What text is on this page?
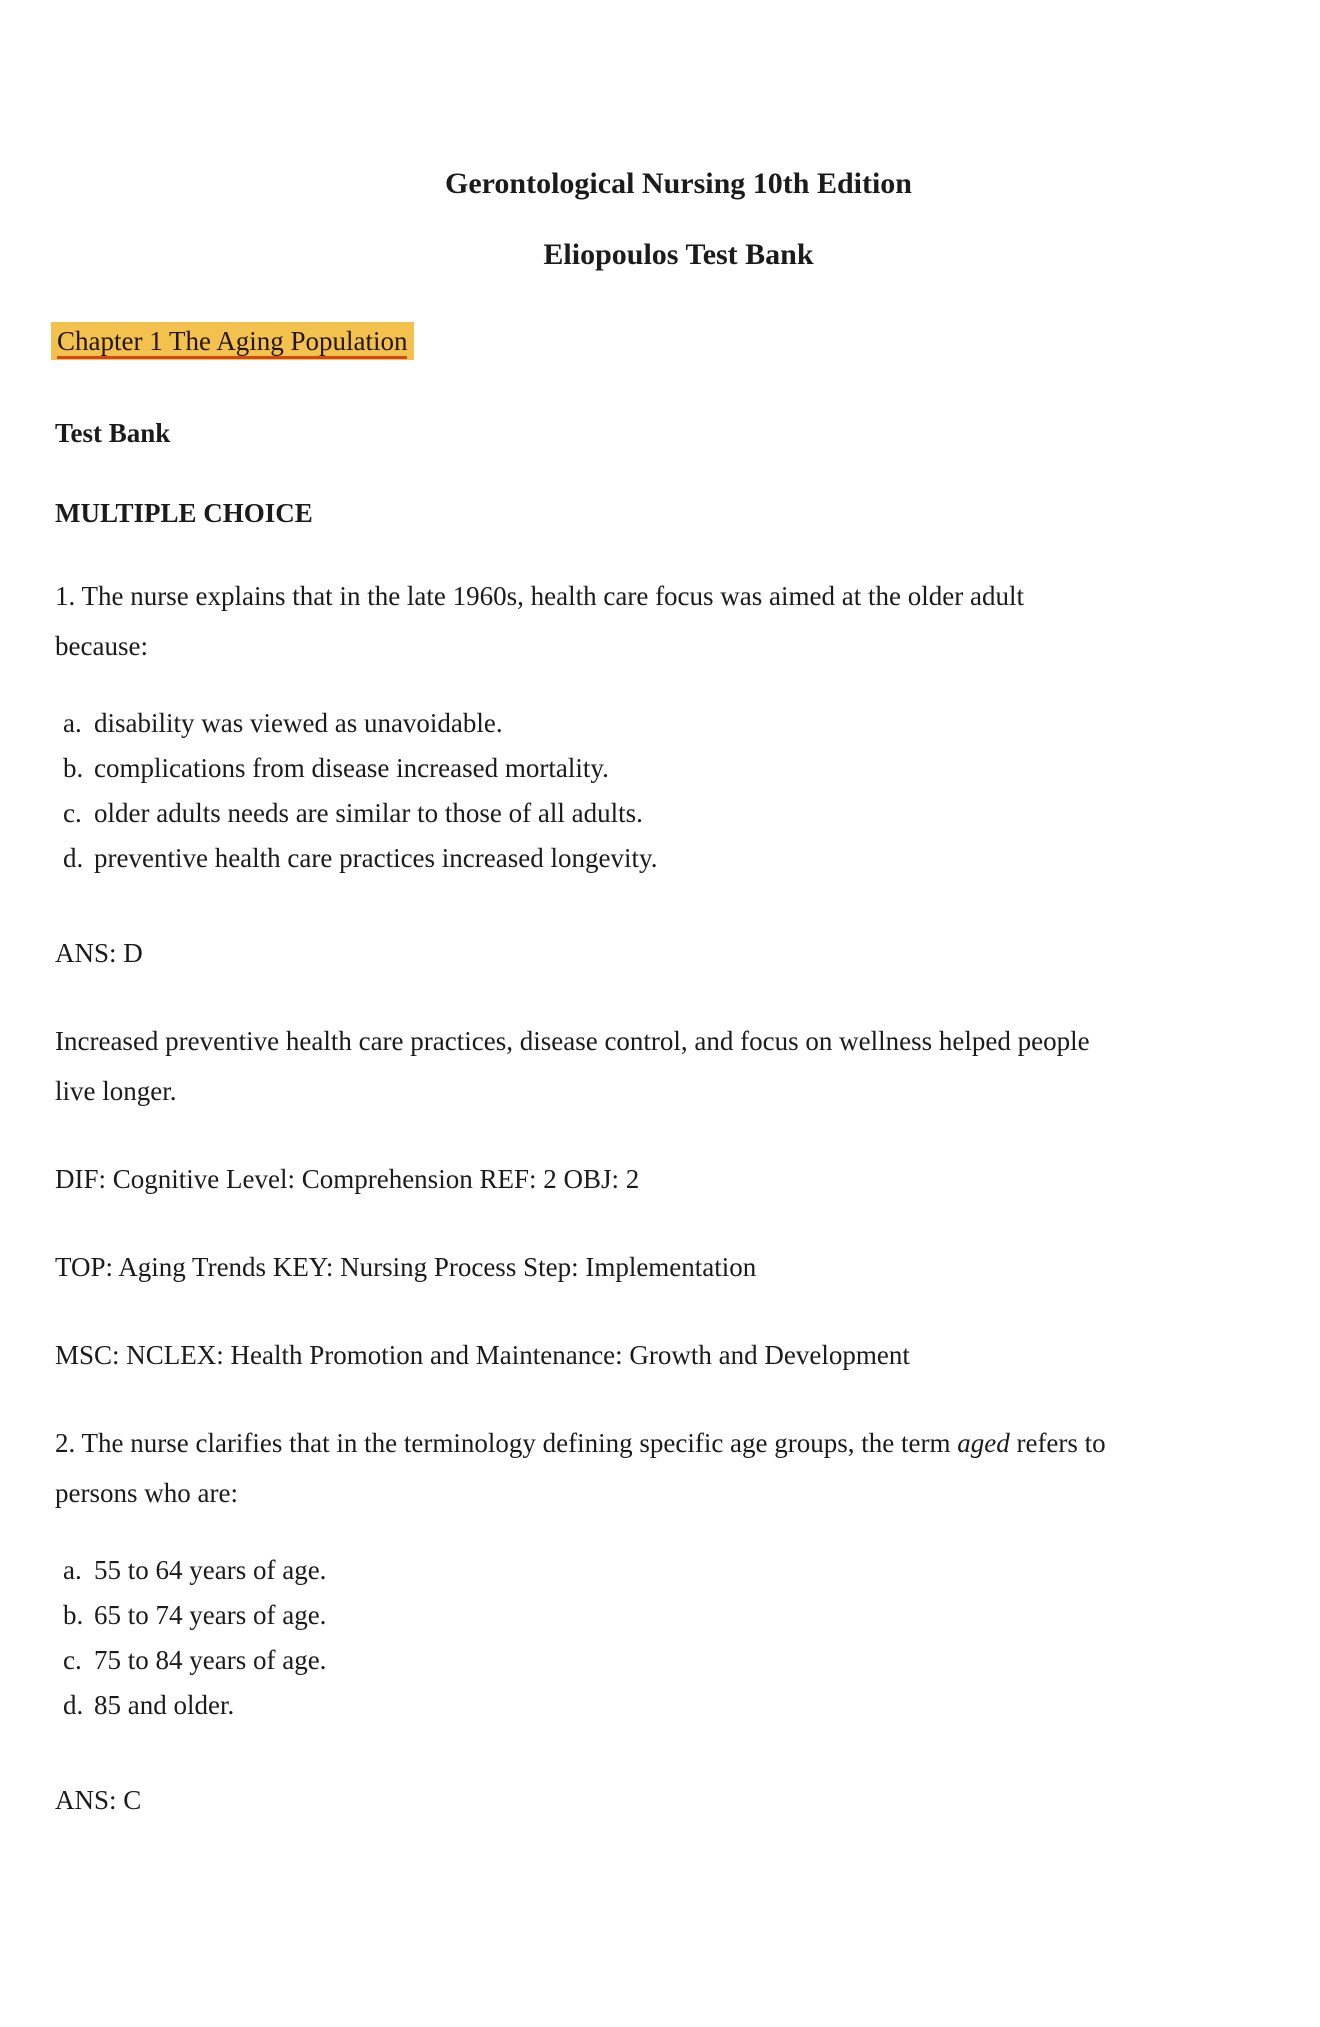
Gerontological Nursing 10th Edition
Eliopoulos Test Bank
Chapter 1 The Aging Population

Test Bank

MULTIPLE CHOICE

1. The nurse explains that in the late 1960s, health care focus was aimed at the older adult
because:

a. disability was viewed as unavoidable.
b. complications from disease increased mortality.
c. older adults needs are similar to those of all adults.
d. preventive health care practices increased longevity.

ANS: D

Increased preventive health care practices, disease control, and focus on wellness helped people
live longer.

DIF: Cognitive Level: Comprehension REF: 2 OBJ: 2

TOP: Aging Trends KEY: Nursing Process Step: Implementation

MSC: NCLEX: Health Promotion and Maintenance: Growth and Development

2. The nurse clarifies that in the terminology defining specific age groups, the term aged refers to
persons who are:

a. 55 to 64 years of age.
b. 65 to 74 years of age.
c. 75 to 84 years of age.
d. 85 and older.

ANS: C
